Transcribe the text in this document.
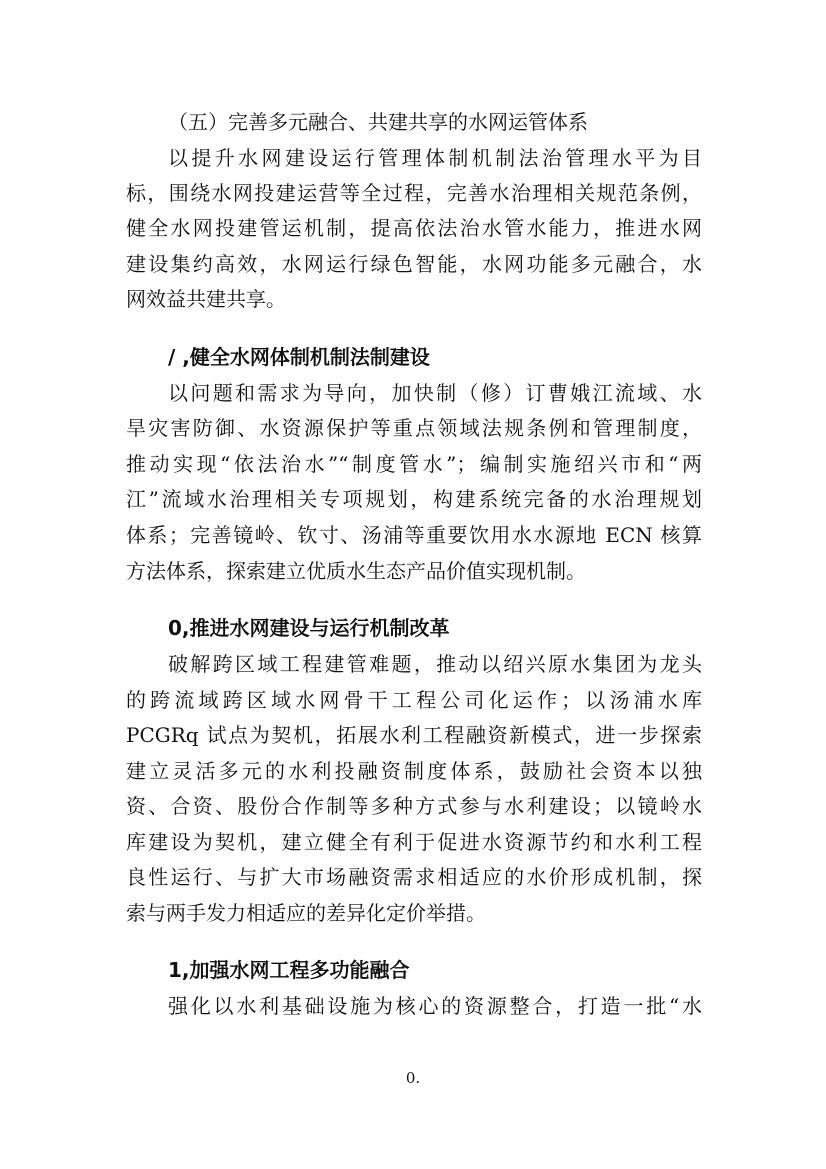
（五）完善多元融合、共建共享的水网运管体系
以提升水网建设运行管理体制机制法治管理水平为目
标，围绕水网投建运营等全过程，完善水治理相关规范条例，
健全水网投建管运机制，提高依法治水管水能力，推进水网
建设集约高效，水网运行绿色智能，水网功能多元融合，水
网效益共建共享。
/ ,健全水网体制机制法制建设
以问题和需求为导向，加快制（修）订曹娥江流域、水
旱灾害防御、水资源保护等重点领域法规条例和管理制度，
推动实现“依法治水”“制度管水”；编制实施绍兴市和“两
江”流域水治理相关专项规划，构建系统完备的水治理规划
体系；完善镜岭、钦寸、汤浦等重要饮用水水源地 ECN 核算
方法体系，探索建立优质水生态产品价值实现机制。
0,推进水网建设与运行机制改革
破解跨区域工程建管难题，推动以绍兴原水集团为龙头
的跨流域跨区域水网骨干工程公司化运作；以汤浦水库
PCGRq 试点为契机，拓展水利工程融资新模式，进一步探索
建立灵活多元的水利投融资制度体系，鼓励社会资本以独
资、合资、股份合作制等多种方式参与水利建设；以镜岭水
库建设为契机，建立健全有利于促进水资源节约和水利工程
良性运行、与扩大市场融资需求相适应的水价形成机制，探
索与两手发力相适应的差异化定价举措。
1,加强水网工程多功能融合
强化以水利基础设施为核心的资源整合，打造一批“水
0.
